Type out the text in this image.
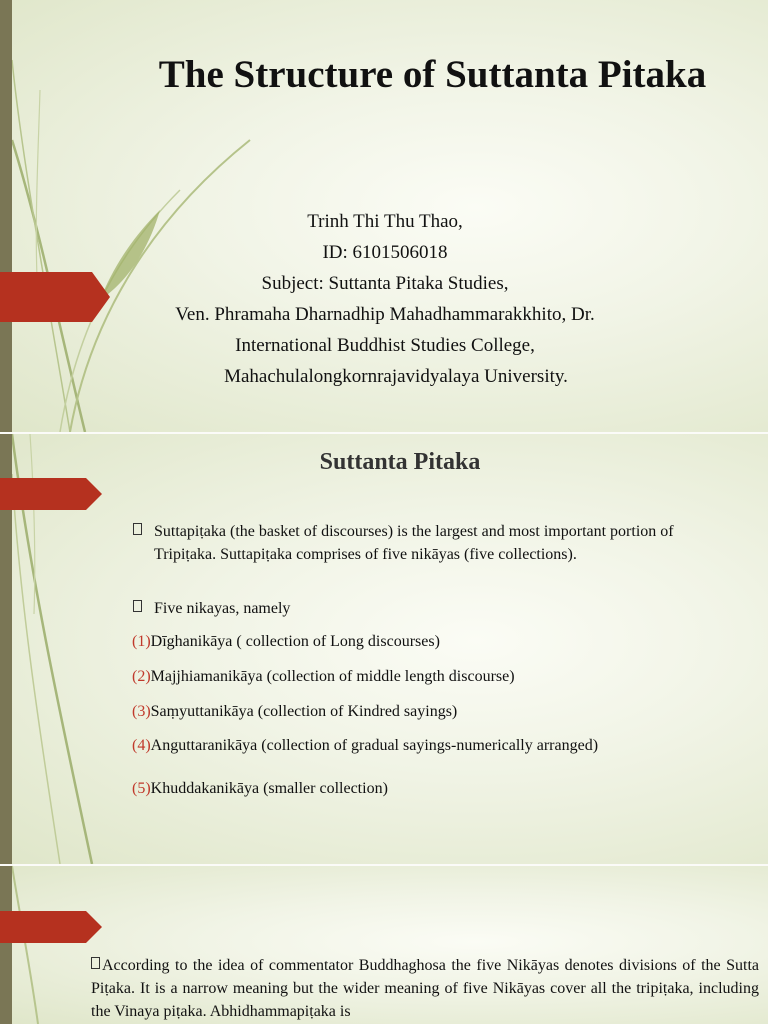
The Structure of Suttanta Pitaka
Trinh Thi Thu Thao,
ID: 6101506018
Subject: Suttanta Pitaka Studies,
Ven. Phramaha Dharnadhip Mahadhammarakkhito, Dr.
International Buddhist Studies College,
Mahachulalongkornrajavidyalaya University.
Suttanta Pitaka
Suttapiṭaka (the basket of discourses) is the largest and most important portion of Tripiṭaka. Suttapiṭaka comprises of five nikāyas (five collections).
Five nikayas, namely
(1)Dīghanikāya ( collection of Long discourses)
(2)Majjhiamanikāya (collection of middle length discourse)
(3)Saṃyuttanikāya (collection of Kindred sayings)
(4)Anguttaranikāya (collection of gradual sayings-numerically arranged)
(5)Khuddakanikāya (smaller collection)
According to the idea of commentator Buddhaghosa the five Nikāyas denotes divisions of the Sutta Piṭaka. It is a narrow meaning but the wider meaning of five Nikāyas cover all the tripiṭaka, including the Vinaya piṭaka. Abhidhammapiṭaka is
